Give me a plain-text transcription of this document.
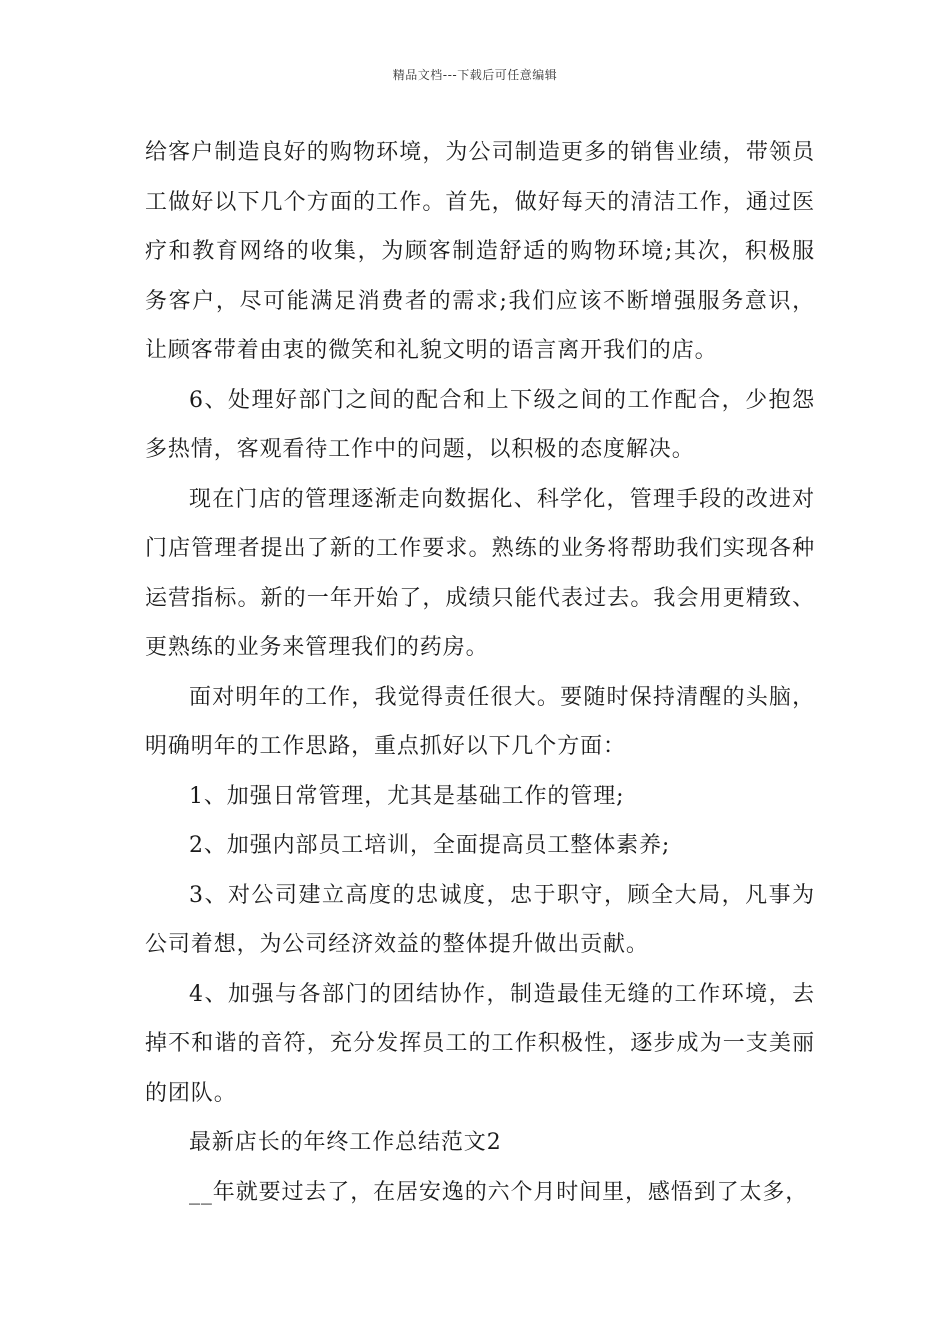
精品文档---下载后可任意编辑

给客户制造良好的购物环境，为公司制造更多的销售业绩，带领员工做好以下几个方面的工作。首先，做好每天的清洁工作，通过医疗和教育网络的收集，为顾客制造舒适的购物环境;其次，积极服务客户，尽可能满足消费者的需求;我们应该不断增强服务意识，让顾客带着由衷的微笑和礼貌文明的语言离开我们的店。

6、处理好部门之间的配合和上下级之间的工作配合，少抱怨多热情，客观看待工作中的问题，以积极的态度解决。

现在门店的管理逐渐走向数据化、科学化，管理手段的改进对门店管理者提出了新的工作要求。熟练的业务将帮助我们实现各种运营指标。新的一年开始了，成绩只能代表过去。我会用更精致、更熟练的业务来管理我们的药房。

面对明年的工作，我觉得责任很大。要随时保持清醒的头脑，明确明年的工作思路，重点抓好以下几个方面：

1、加强日常管理，尤其是基础工作的管理;

2、加强内部员工培训，全面提高员工整体素养;

3、对公司建立高度的忠诚度，忠于职守，顾全大局，凡事为公司着想，为公司经济效益的整体提升做出贡献。

4、加强与各部门的团结协作，制造最佳无缝的工作环境，去掉不和谐的音符，充分发挥员工的工作积极性，逐步成为一支美丽的团队。

最新店长的年终工作总结范文2

__年就要过去了，在居安逸的六个月时间里，感悟到了太多，
